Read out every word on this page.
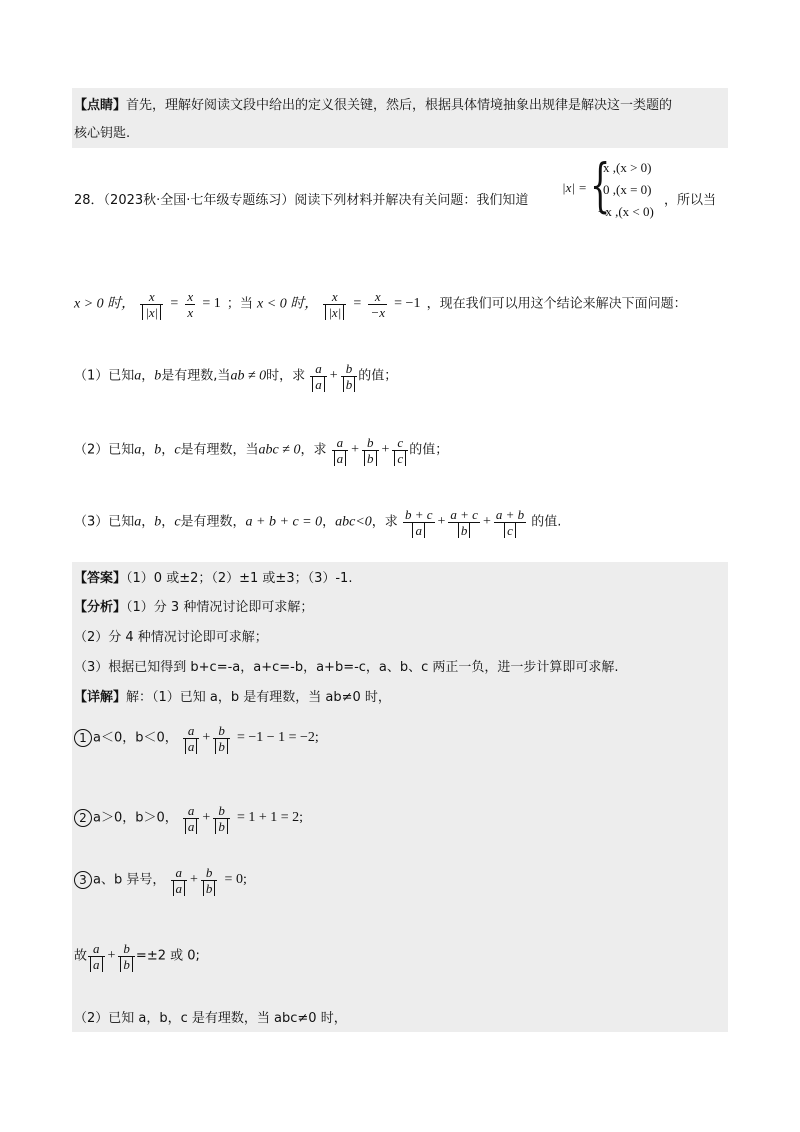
【点睛】首先，理解好阅读文段中给出的定义很关键，然后，根据具体情境抽象出规律是解决这一类题的
核心钥匙.
28．（2023秋·全国·七年级专题练习）阅读下列材料并解决有关问题：我们知道
|x| = {
x ,(x > 0)
0 ,(x = 0)
−x ,(x < 0)
，所以当
x > 0 时， $\frac{x}{|x|} = \frac{x}{x} = 1$ ；当 x < 0 时， $\frac{x}{|x|} = \frac{x}{-x} = -1$ ，现在我们可以用这个结论来解决下面问题：
（1）已知a，b是有理数,当ab ≠ 0时，求 $\frac{a}{a} + \frac{b}{b}$ 的值；
（2）已知a，b，c是有理数，当abc ≠ 0，求 $\frac{a}{a} + \frac{b}{b} + \frac{c}{c}$ 的值；
（3）已知a，b，c是有理数，a + b + c = 0，abc<0，求 $\frac{b + c}{a} + \frac{a + c}{b} + \frac{a + b}{c}$ 的值.
【答案】（1）0 或±2；（2）±1 或±3；（3）-1.
【分析】（1）分 3 种情况讨论即可求解；
（2）分 4 种情况讨论即可求解；
（3）根据已知得到 b+c=-a，a+c=-b，a+b=-c，a、b、c 两正一负，进一步计算即可求解.
【详解】解：（1）已知 a，b 是有理数，当 ab≠0 时，
1 a＜0，b＜0， $\frac{a}{a} + \frac{b}{b} = -1 - 1 = -2$;
2 a＞0，b＞0， $\frac{a}{a} + \frac{b}{b} = 1 + 1 = 2$;
3 a、b 异号， $\frac{a}{a} + \frac{b}{b} = 0$;
故 $\frac{a}{a} + \frac{b}{b} =\pm 2$ 或 0;
（2）已知 a，b，c 是有理数，当 abc≠0 时，
